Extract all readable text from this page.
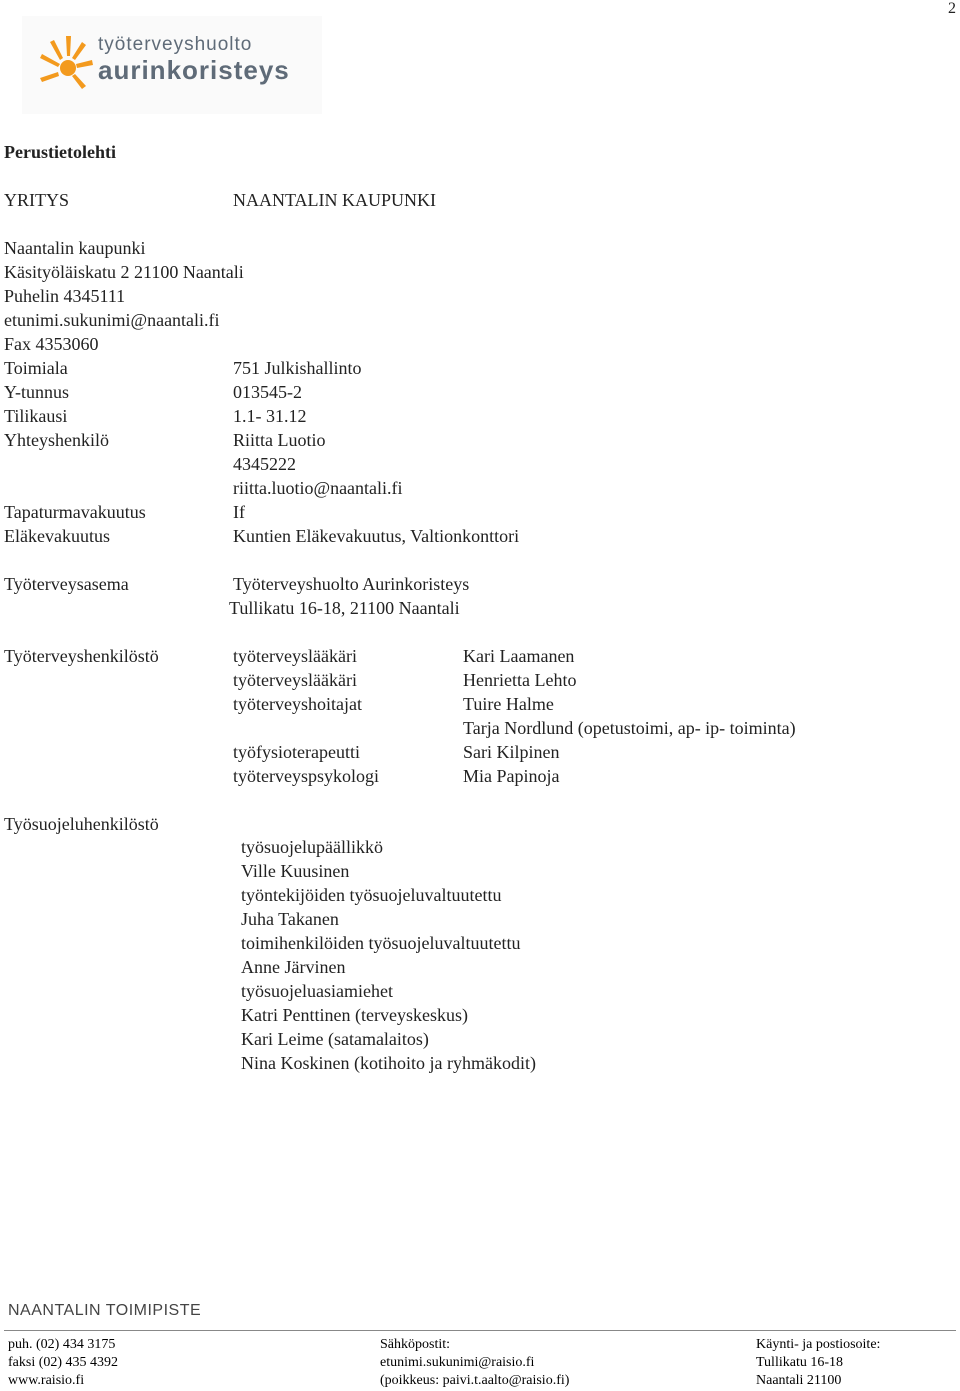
2
työterveyshuolto
aurinkoristeys
Perustietolehti
YRITYS	NAANTALIN KAUPUNKI
Naantalin kaupunki
Käsityöläiskatu 2 21100 Naantali
Puhelin 4345111
etunimi.sukunimi@naantali.fi
Fax 4353060
Toimiala	751 Julkishallinto
Y-tunnus	013545-2
Tilikausi	1.1- 31.12
Yhteyshenkilö	Riitta Luotio
4345222
riitta.luotio@naantali.fi
Tapaturmavakuutus	If
Eläkevakuutus	Kuntien Eläkevakuutus, Valtionkonttori
Työterveysasema	Työterveyshuolto Aurinkoristeys
Tullikatu 16-18, 21100 Naantali
Työterveyshenkilöstö	työterveyslääkäri	Kari Laamanen
työterveyslääkäri	Henrietta Lehto
työterveyshoitajat	Tuire Halme
Tarja Nordlund (opetustoimi, ap- ip- toiminta)
työfysioterapeutti	Sari Kilpinen
työterveyspsykologi	Mia Papinoja
Työsuojeluhenkilöstö
työsuojelupäällikkö
Ville Kuusinen
työntekijöiden työsuojeluvaltuutettu
Juha Takanen
toimihenkilöiden työsuojeluvaltuutettu
Anne Järvinen
työsuojeluasiamiehet
Katri Penttinen (terveyskeskus)
Kari Leime (satamalaitos)
Nina Koskinen (kotihoito ja ryhmäkodit)
NAANTALIN TOIMIPISTE
puh. (02) 434 3175
faksi (02) 435 4392
www.raisio.fi
Sähköpostit:
etunimi.sukunimi@raisio.fi
(poikkeus: paivi.t.aalto@raisio.fi)
Käynti- ja postiosoite:
Tullikatu 16-18
Naantali 21100
